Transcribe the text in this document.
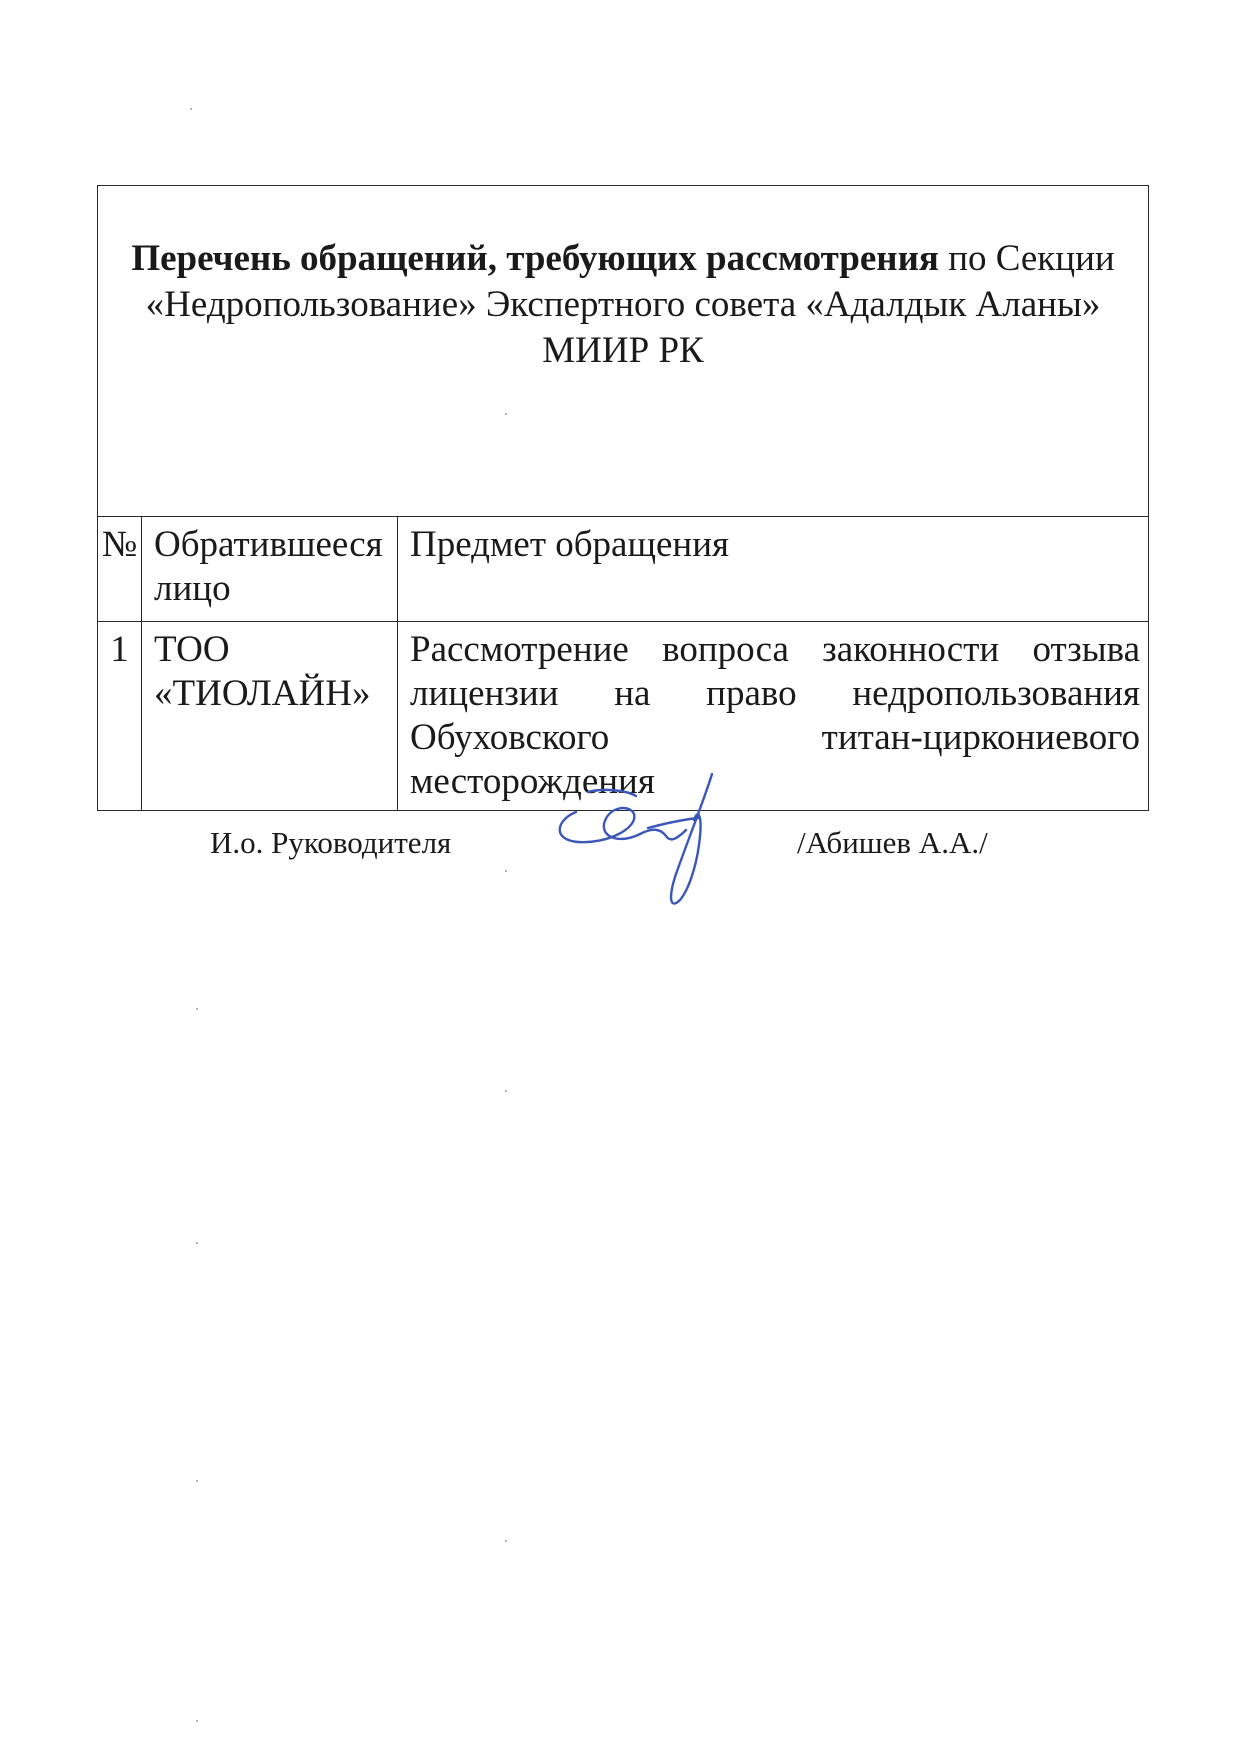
Перечень обращений, требующих рассмотрения по Секции «Недропользование» Экспертного совета «Адалдык Аланы» МИИР РК		
№	Обратившееся лицо	Предмет обращения
1	ТОО «ТИОЛАЙН»	Рассмотрение вопроса законности отзыва лицензии на право недропользования Обуховского титан-циркониевого месторождения
И.о. Руководителя	/Абишев А.А./
